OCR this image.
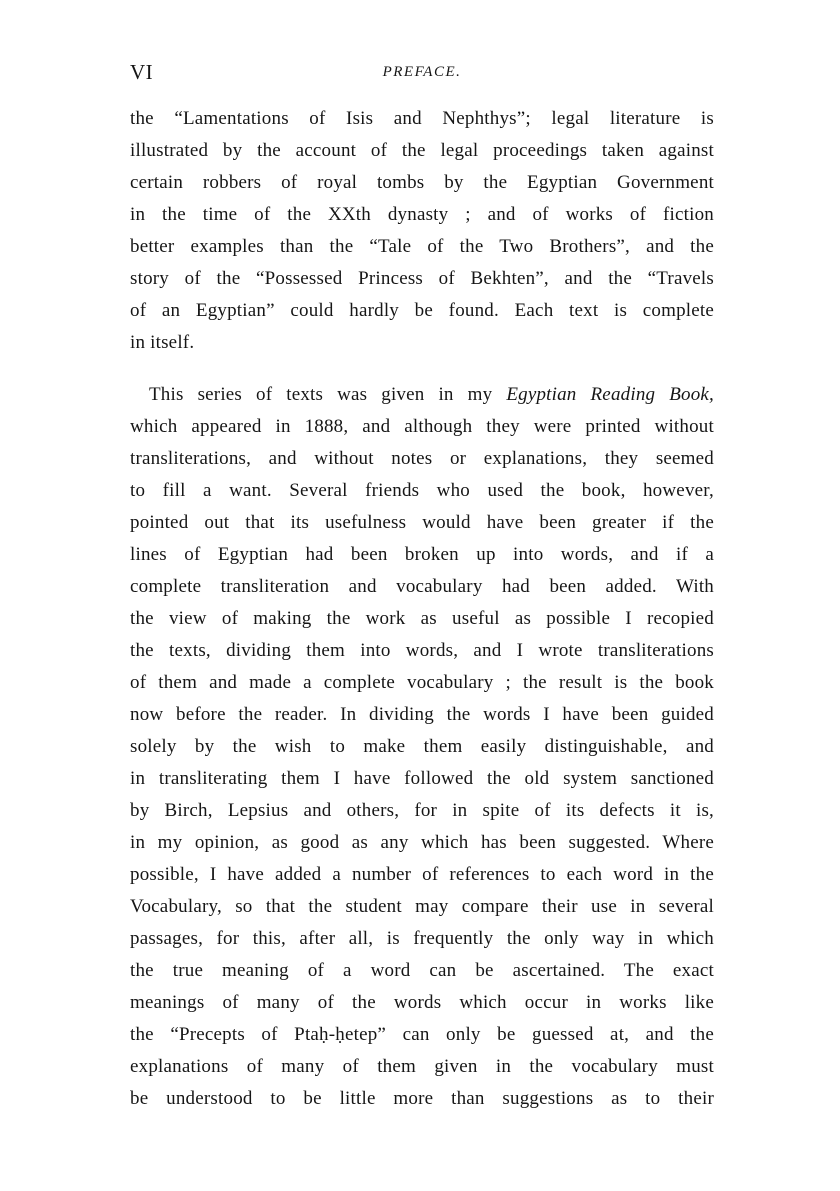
VI	PREFACE.
the “Lamentations of Isis and Nephthys”; legal literature is
illustrated by the account of the legal proceedings taken against
certain robbers of royal tombs by the Egyptian Government
in the time of the XXth dynasty ; and of works of fiction
better examples than the “Tale of the Two Brothers”, and the
story of the “Possessed Princess of Bekhten”, and the “Travels
of an Egyptian” could hardly be found. Each text is complete
in itself.
This series of texts was given in my Egyptian Reading Book,
which appeared in 1888, and although they were printed without
transliterations, and without notes or explanations, they seemed
to fill a want. Several friends who used the book, however,
pointed out that its usefulness would have been greater if the
lines of Egyptian had been broken up into words, and if a
complete transliteration and vocabulary had been added. With
the view of making the work as useful as possible I recopied
the texts, dividing them into words, and I wrote transliterations
of them and made a complete vocabulary ; the result is the book
now before the reader. In dividing the words I have been guided
solely by the wish to make them easily distinguishable, and
in transliterating them I have followed the old system sanctioned
by Birch, Lepsius and others, for in spite of its defects it is,
in my opinion, as good as any which has been suggested. Where
possible, I have added a number of references to each word in the
Vocabulary, so that the student may compare their use in several
passages, for this, after all, is frequently the only way in which
the true meaning of a word can be ascertained. The exact
meanings of many of the words which occur in works like
the “Precepts of Ptaḥ-ḥetep” can only be guessed at, and the
explanations of many of them given in the vocabulary must
be understood to be little more than suggestions as to their
